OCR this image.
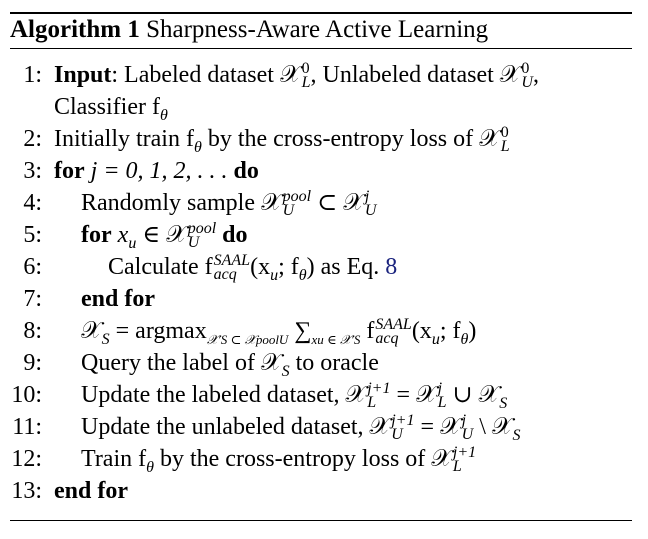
Algorithm 1 Sharpness-Aware Active Learning
1: Input: Labeled dataset 𝒳 0
L , Unlabeled dataset 𝒳 0
U ,
Classifier $f_\theta$
2: Initially train $f_\theta$ by the cross-entropy loss of 𝒳 0
L
3: for j = 0, 1, 2, . . . do
4: Randomly sample 𝒳 pool
U ⊂ 𝒳 j
U
5: for $x_u$ ∈ 𝒳 pool
U do
6:	Calculate f SAAL
acq ($x_u$; $f_\theta$) as Eq. 8
7: end for
8: 𝒳$_S$ = argmax$_{𝒳'S \subset 𝒳poolU}$ $\sum_{xu \in 𝒳'S}$ f SAAL
acq ($x_u$; $f_\theta$)
9: Query the label of 𝒳$_S$ to oracle
10: Update the labeled dataset, 𝒳 j+1
L = 𝒳 j
L ∪ 𝒳$_S$
11: Update the unlabeled dataset, 𝒳 j+1
U = 𝒳 j
U \ 𝒳$_S$
12: Train $f_\theta$ by the cross-entropy loss of 𝒳 j+1
L
13: end for
